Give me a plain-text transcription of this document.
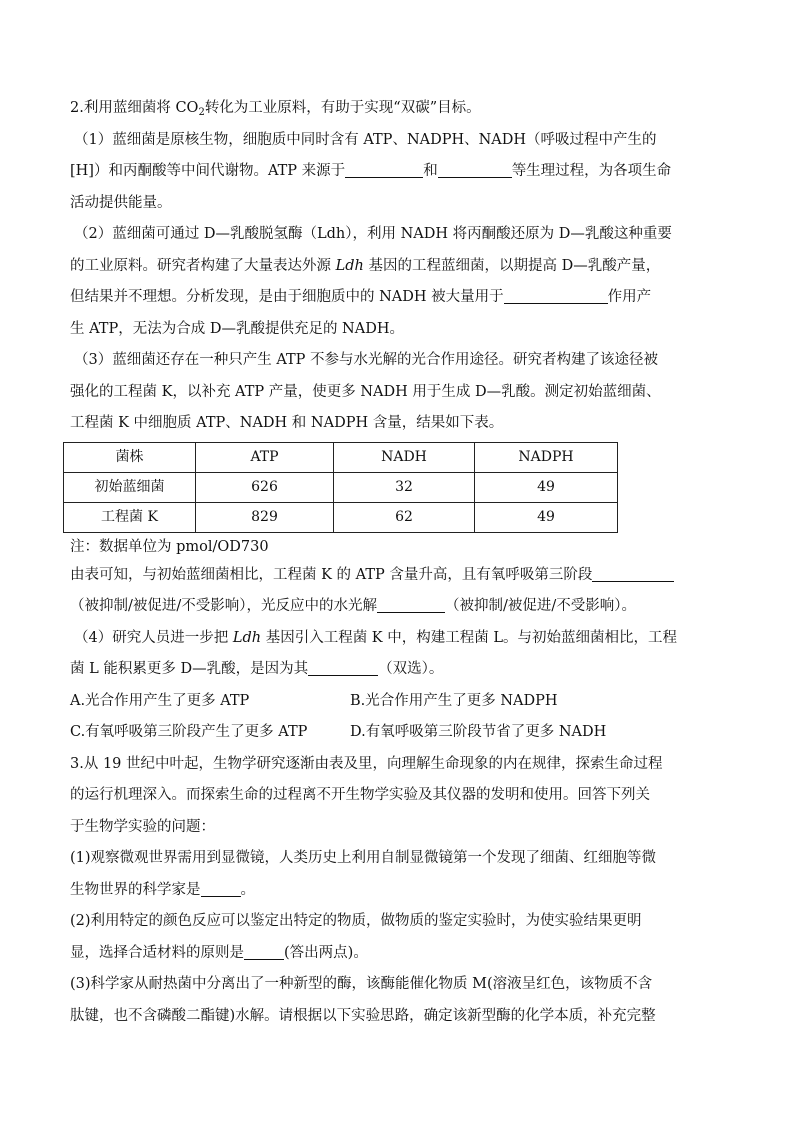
2.利用蓝细菌将 $CO_2$转化为工业原料，有助于实现“双碳”目标。
（1）蓝细菌是原核生物，细胞质中同时含有 ATP、NADPH、NADH（呼吸过程中产生的
[H]）和丙酮酸等中间代谢物。ATP 来源于	和	等生理过程，为各项生命
活动提供能量。
（2）蓝细菌可通过 D—乳酸脱氢酶（Ldh），利用 NADH 将丙酮酸还原为 D—乳酸这种重要
的工业原料。研究者构建了大量表达外源 Ldh 基因的工程蓝细菌，以期提高 D—乳酸产量，
但结果并不理想。分析发现，是由于细胞质中的 NADH 被大量用于	作用产
生 ATP，无法为合成 D—乳酸提供充足的 NADH。
（3）蓝细菌还存在一种只产生 ATP 不参与水光解的光合作用途径。研究者构建了该途径被
强化的工程菌 K，以补充 ATP 产量，使更多 NADH 用于生成 D—乳酸。测定初始蓝细菌、
工程菌 K 中细胞质 ATP、NADH 和 NADPH 含量，结果如下表。
菌株	ATP	NADH	NADPH
初始蓝细菌	626	32	49
工程菌 K	829	62	49
注：数据单位为 pmol/OD730
由表可知，与初始蓝细菌相比，工程菌 K 的 ATP 含量升高，且有氧呼吸第三阶段
（被抑制/被促进/不受影响），光反应中的水光解	（被抑制/被促进/不受影响）。
（4）研究人员进一步把 Ldh 基因引入工程菌 K 中，构建工程菌 L。与初始蓝细菌相比，工程
菌 L 能积累更多 D—乳酸，是因为其	（双选）。
A.光合作用产生了更多 ATP	B.光合作用产生了更多 NADPH
C.有氧呼吸第三阶段产生了更多 ATP	D.有氧呼吸第三阶段节省了更多 NADH
3.从 19 世纪中叶起，生物学研究逐渐由表及里，向理解生命现象的内在规律，探索生命过程
的运行机理深入。而探索生命的过程离不开生物学实验及其仪器的发明和使用。回答下列关
于生物学实验的问题：
(1)观察微观世界需用到显微镜，人类历史上利用自制显微镜第一个发现了细菌、红细胞等微
生物世界的科学家是	。
(2)利用特定的颜色反应可以鉴定出特定的物质，做物质的鉴定实验时，为使实验结果更明
显，选择合适材料的原则是	(答出两点)。
(3)科学家从耐热菌中分离出了一种新型的酶，该酶能催化物质 M(溶液呈红色，该物质不含
肽键，也不含磷酸二酯键)水解。请根据以下实验思路，确定该新型酶的化学本质，补充完整
